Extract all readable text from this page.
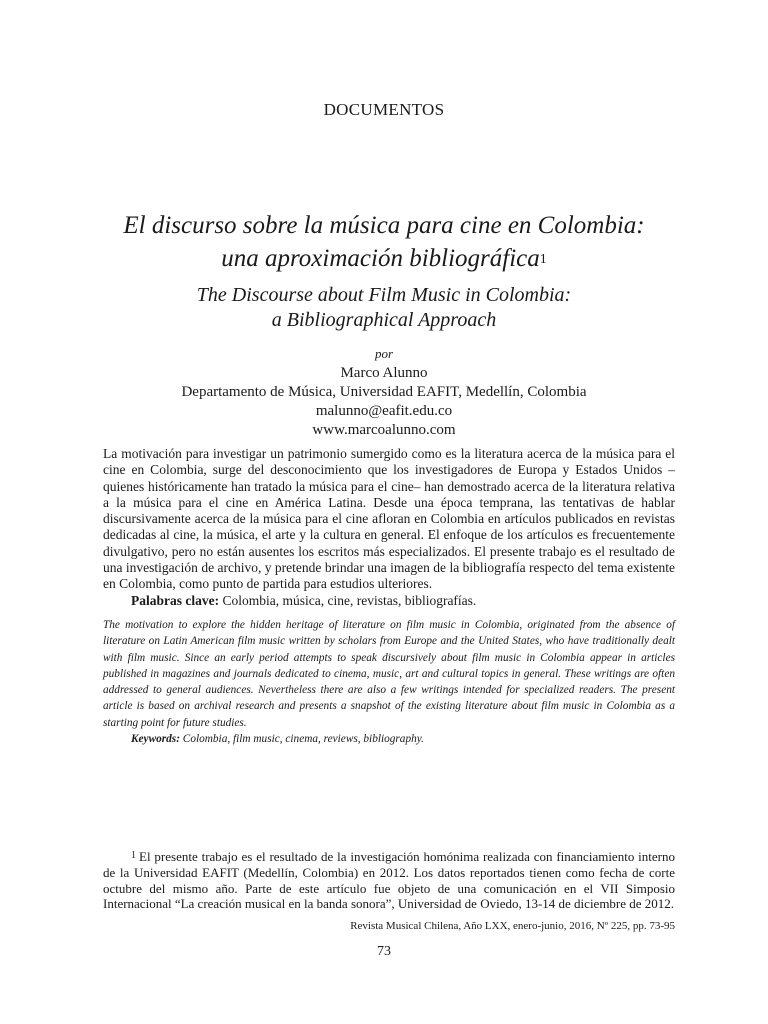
DOCUMENTOS
El discurso sobre la música para cine en Colombia:
una aproximación bibliográfica$^1$
The Discourse about Film Music in Colombia:
a Bibliographical Approach
por
Marco Alunno
Departamento de Música, Universidad EAFIT, Medellín, Colombia
malunno@eafit.edu.co
www.marcoalunno.com
La motivación para investigar un patrimonio sumergido como es la literatura acerca de la música para el cine en Colombia, surge del desconocimiento que los investigadores de Europa y Estados Unidos –quienes históricamente han tratado la música para el cine– han demostrado acerca de la literatura relativa a la música para el cine en América Latina. Desde una época temprana, las tentativas de hablar discursivamente acerca de la música para el cine afloran en Colombia en artículos publicados en revistas dedicadas al cine, la música, el arte y la cultura en general. El enfoque de los artículos es frecuentemente divulgativo, pero no están ausentes los escritos más especializados. El presente trabajo es el resultado de una investigación de archivo, y pretende brindar una imagen de la bibliografía respecto del tema existente en Colombia, como punto de partida para estudios ulteriores.
Palabras clave: Colombia, música, cine, revistas, bibliografías.
The motivation to explore the hidden heritage of literature on film music in Colombia, originated from the absence of literature on Latin American film music written by scholars from Europe and the United States, who have traditionally dealt with film music. Since an early period attempts to speak discursively about film music in Colombia appear in articles published in magazines and journals dedicated to cinema, music, art and cultural topics in general. These writings are often addressed to general audiences. Nevertheless there are also a few writings intended for specialized readers. The present article is based on archival research and presents a snapshot of the existing literature about film music in Colombia as a starting point for future studies.
Keywords: Colombia, film music, cinema, reviews, bibliography.
$^1$ El presente trabajo es el resultado de la investigación homónima realizada con financiamiento interno de la Universidad EAFIT (Medellín, Colombia) en 2012. Los datos reportados tienen como fecha de corte octubre del mismo año. Parte de este artículo fue objeto de una comunicación en el VII Simposio Internacional “La creación musical en la banda sonora”, Universidad de Oviedo, 13-14 de diciembre de 2012.
Revista Musical Chilena, Año LXX, enero-junio, 2016, Nº 225, pp. 73-95
73
